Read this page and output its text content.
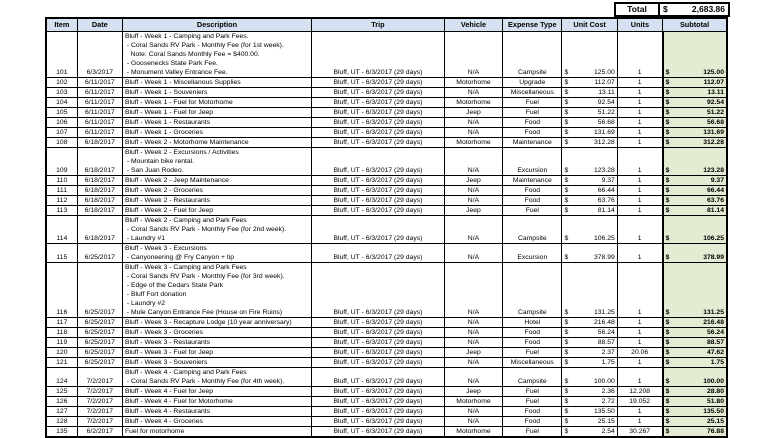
Total	$	2,683.86
Item	Date	Description	Trip	Vehicle	Expense Type	Unit Cost	Units	Subtotal
101	6/3/2017	
Bluff - Week 1 - Camping and Park Fees.
- Coral Sands RV Park - Monthly Fee (for 1st week).
Note: Coral Sands Monthly Fee = $400.00.
- Goosenecks State Park Fee.
- Monument Valley Entrance Fee.	Bluff, UT - 6/3/2017 (29 days)	N/A	Campsite	$	125.00	1	$	125.00

102	6/11/2017	Bluff - Week 1 - Miscellanous Supplies	Bluff, UT - 6/3/2017 (29 days)	Motorhome	Upgrade	$ 112.07	1	$ 112.07

103	6/11/2017	Bluff - Week 1 - Souveniers	Bluff, UT - 6/3/2017 (29 days)	N/A	Miscellaneous	$ 13.11	1	$ 13.11

104	6/11/2017	Bluff - Week 1 - Fuel for Motorhome	Bluff, UT - 6/3/2017 (29 days)	Motorhome	Fuel	$ 92.54	1	$ 92.54

105	6/11/2017	Bluff - Week 1 - Fuel for Jeep	Bluff, UT - 6/3/2017 (29 days)	Jeep	Fuel	$ 51.22	1	$ 51.22

106	6/11/2017	Bluff - Week 1 - Restaurants	Bluff, UT - 6/3/2017 (29 days)	N/A	Food	$ 56.68	1	$ 56.68

107	6/11/2017	Bluff - Week 1 - Groceries	Bluff, UT - 6/3/2017 (29 days)	N/A	Food	$ 131.69	1	$ 131.69

108	6/18/2017	Bluff - Week 2 - Motorhome Maintenance	Bluff, UT - 6/3/2017 (29 days)	Motorhome	Maintenance	$ 312.28	1	$ 312.28

109	6/18/2017	
Bluff - Week 2 - Excursions / Activities
- Mountain bike rental.
- San Juan Rodeo.	Bluff, UT - 6/3/2017 (29 days)	N/A	Excursion	$	123.28	1	$	123.28

110	6/18/2017	Bluff - Week 2 - Jeep Maintenance	Bluff, UT - 6/3/2017 (29 days)	Jeep	Maintenance	$ 9.37	1	$ 9.37

111	6/18/2017	Bluff - Week 2 - Groceries	Bluff, UT - 6/3/2017 (29 days)	N/A	Food	$ 66.44	1	$ 66.44

112	6/18/2017	Bluff - Week 2 - Restaurants	Bluff, UT - 6/3/2017 (29 days)	N/A	Food	$ 63.76	1	$ 63.76

113	6/18/2017	Bluff - Week 2 - Fuel for Jeep	Bluff, UT - 6/3/2017 (29 days)	Jeep	Fuel	$ 81.14	1	$ 81.14

114	6/18/2017	
Bluff - Week 2 - Camping and Park Fees
- Coral Sands RV Park - Monthly Fee (for 2nd week).
- Laundry #1	Bluff, UT - 6/3/2017 (29 days)	N/A	Campsite	$	106.25	1	$	106.25

115	6/25/2017	
Bluff - Week 3 - Excursions
- Canyoneering @ Fry Canyon + tip	Bluff, UT - 6/3/2017 (29 days)	N/A	Excursion	$	378.99	1	$	378.99

116	6/25/2017	
Bluff - Week 3 - Camping and Park Fees
- Coral Sands RV Park - Monthly Fee (for 3rd week).
- Edge of the Cedars State Park
- Bluff Fort donation
- Laundry #2
- Mule Canyon Entrance Fee (House on Fire Ruins)	Bluff, UT - 6/3/2017 (29 days)	N/A	Campsite	$	131.25	1	$	131.25

117	6/25/2017	Bluff - Week 3 - Recapture Lodge (10 year anniversary)	Bluff, UT - 6/3/2017 (29 days)	N/A	Hotel	$ 216.48	1	$ 216.48

118	6/25/2017	Bluff - Week 3 - Groceries	Bluff, UT - 6/3/2017 (29 days)	N/A	Food	$ 56.24	1	$ 56.24

119	6/25/2017	Bluff - Week 3 - Restaurants	Bluff, UT - 6/3/2017 (29 days)	N/A	Food	$ 88.57	1	$ 88.57

120	6/25/2017	Bluff - Week 3 - Fuel for Jeep	Bluff, UT - 6/3/2017 (29 days)	Jeep	Fuel	$ 2.37	20.06	$ 47.62

121	6/25/2017	Bluff - Week 3 - Souveniers	Bluff, UT - 6/3/2017 (29 days)	N/A	Miscellaneous	$ 1.75	1	$ 1.75

124	7/2/2017	
Bluff - Week 4 - Camping and Park Fees
- Coral Sands RV Park - Monthly Fee (for 4th week).	Bluff, UT - 6/3/2017 (29 days)	N/A	Campsite	$	100.00	1	$	100.00

125	7/2/2017	Bluff - Week 4 - Fuel for Jeep	Bluff, UT - 6/3/2017 (29 days)	Jeep	Fuel	$ 2.36	12.208	$ 28.80

126	7/2/2017	Bluff - Week 4 - Fuel for Motorhome	Bluff, UT - 6/3/2017 (29 days)	Motorhome	Fuel	$ 2.72	19.052	$ 51.80

127	7/2/2017	Bluff - Week 4 - Restaurants	Bluff, UT - 6/3/2017 (29 days)	N/A	Food	$ 135.50	1	$ 135.50

128	7/2/2017	Bluff - Week 4 - Groceries	Bluff, UT - 6/3/2017 (29 days)	N/A	Food	$ 25.15	1	$ 25.15

135	6/2/2017	Fuel for motorhome	Bluff, UT - 6/3/2017 (29 days)	Motorhome	Fuel	$ 2.54	30.267	$ 76.88
